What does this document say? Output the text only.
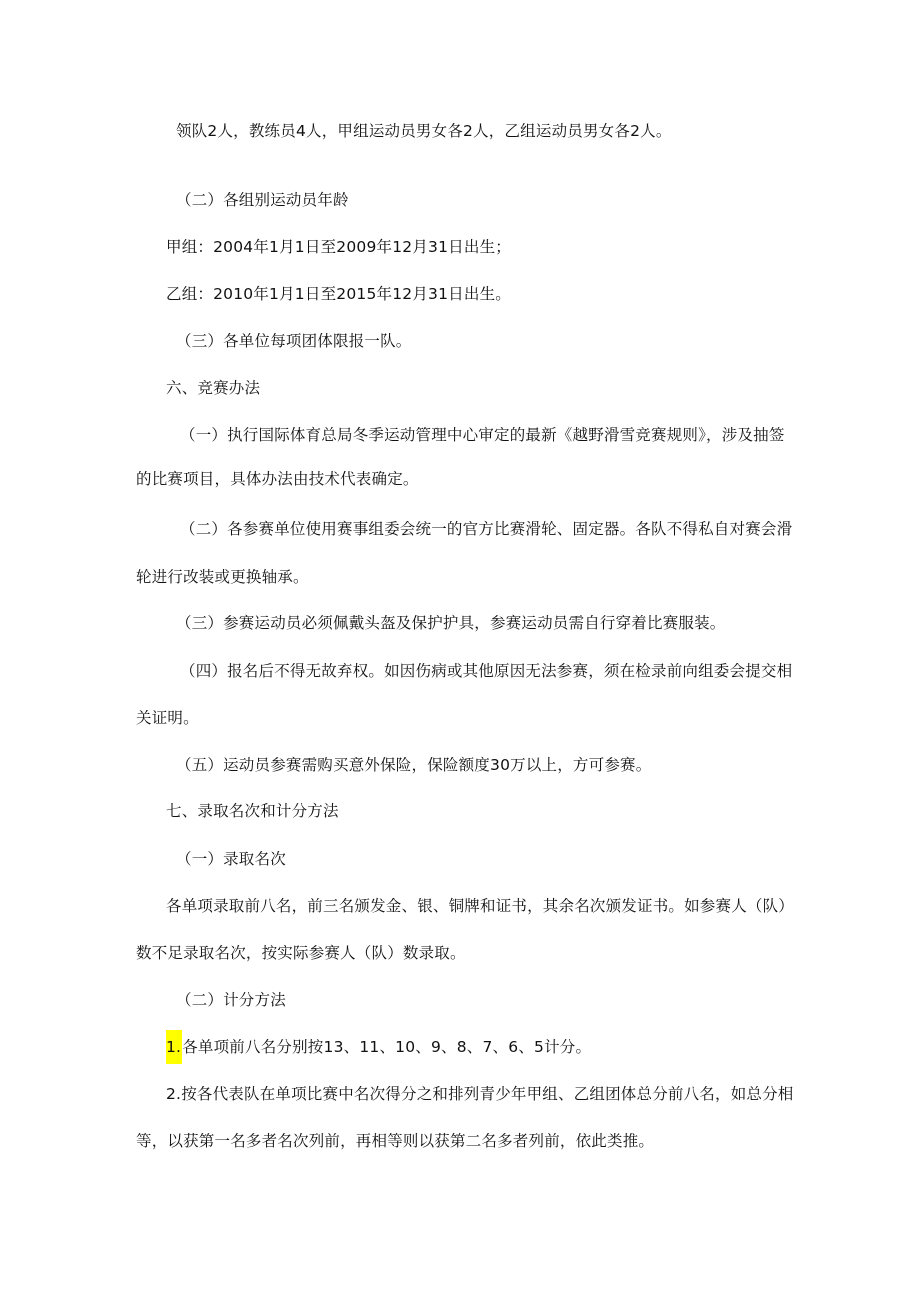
领队2人，教练员4人，甲组运动员男女各2人，乙组运动员男女各2人。
（二）各组别运动员年龄
甲组：2004年1月1日至2009年12月31日出生；
乙组：2010年1月1日至2015年12月31日出生。
（三）各单位每项团体限报一队。
六、竞赛办法
（一）执行国际体育总局冬季运动管理中心审定的最新《越野滑雪竞赛规则》，涉及抽签
的比赛项目，具体办法由技术代表确定。
（二）各参赛单位使用赛事组委会统一的官方比赛滑轮、固定器。各队不得私自对赛会滑
轮进行改装或更换轴承。
（三）参赛运动员必须佩戴头盔及保护护具，参赛运动员需自行穿着比赛服装。
（四）报名后不得无故弃权。如因伤病或其他原因无法参赛，须在检录前向组委会提交相
关证明。
（五）运动员参赛需购买意外保险，保险额度30万以上，方可参赛。
七、录取名次和计分方法
（一）录取名次
各单项录取前八名，前三名颁发金、银、铜牌和证书，其余名次颁发证书。如参赛人（队）
数不足录取名次，按实际参赛人（队）数录取。
（二）计分方法
1.各单项前八名分别按13、11、10、9、8、7、6、5计分。
2.按各代表队在单项比赛中名次得分之和排列青少年甲组、乙组团体总分前八名，如总分相
等，以获第一名多者名次列前，再相等则以获第二名多者列前，依此类推。
